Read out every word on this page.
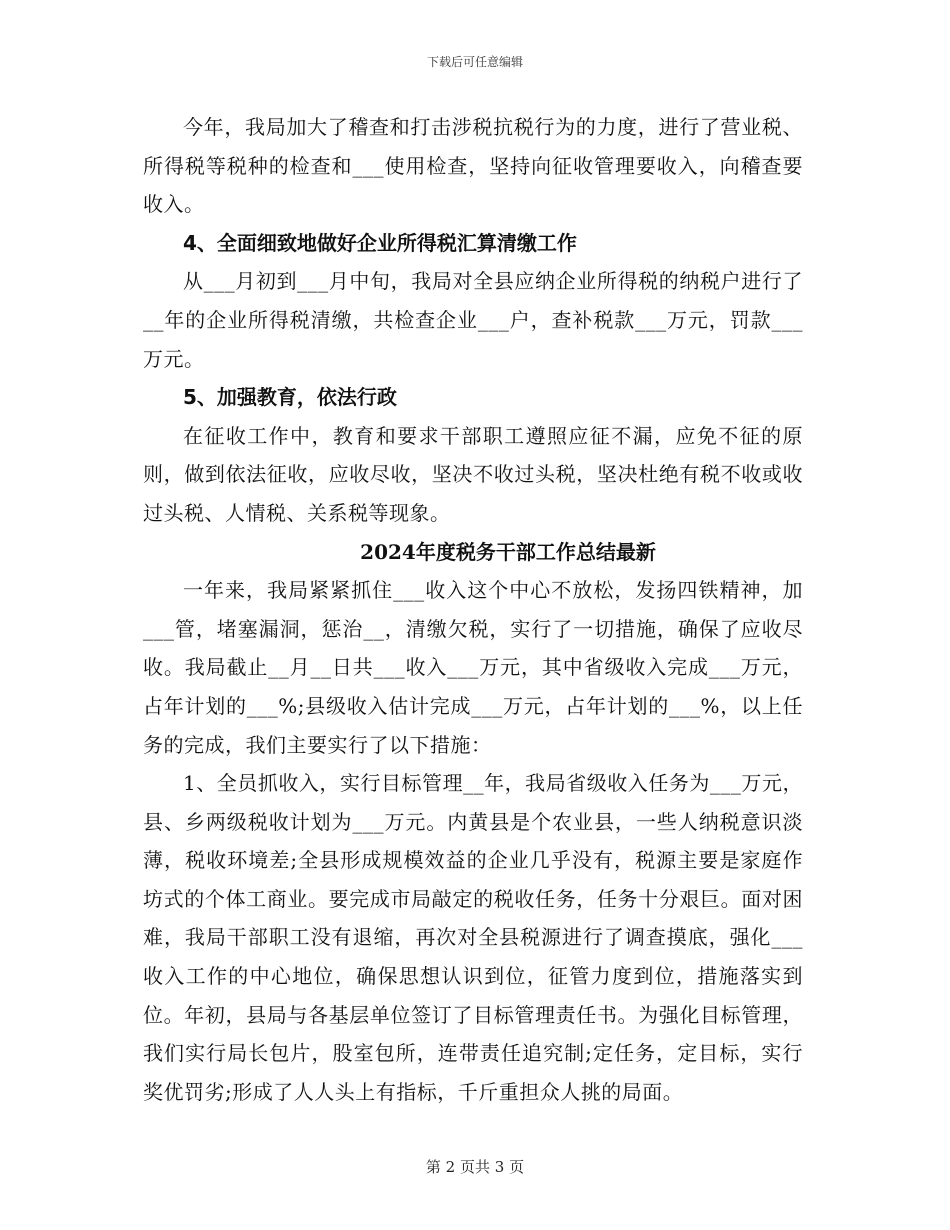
下载后可任意编辑

今年，我局加大了稽查和打击涉税抗税行为的力度，进行了营业税、所得税等税种的检查和___使用检查，坚持向征收管理要收入，向稽查要收入。

4、全面细致地做好企业所得税汇算清缴工作

从___月初到___月中旬，我局对全县应纳企业所得税的纳税户进行了__年的企业所得税清缴，共检查企业___户，查补税款___万元，罚款___万元。

5、加强教育，依法行政

在征收工作中，教育和要求干部职工遵照应征不漏，应免不征的原则，做到依法征收，应收尽收，坚决不收过头税，坚决杜绝有税不收或收过头税、人情税、关系税等现象。

2024年度税务干部工作总结最新

一年来，我局紧紧抓住___收入这个中心不放松，发扬四铁精神，加___管，堵塞漏洞，惩治__，清缴欠税，实行了一切措施，确保了应收尽收。我局截止__月__日共___收入___万元，其中省级收入完成___万元，占年计划的___%;县级收入估计完成___万元，占年计划的___%，以上任务的完成，我们主要实行了以下措施：

1、全员抓收入，实行目标管理__年，我局省级收入任务为___万元，县、乡两级税收计划为___万元。内黄县是个农业县，一些人纳税意识淡薄，税收环境差;全县形成规模效益的企业几乎没有，税源主要是家庭作坊式的个体工商业。要完成市局敲定的税收任务，任务十分艰巨。面对困难，我局干部职工没有退缩，再次对全县税源进行了调查摸底，强化___收入工作的中心地位，确保思想认识到位，征管力度到位，措施落实到位。年初，县局与各基层单位签订了目标管理责任书。为强化目标管理，我们实行局长包片，股室包所，连带责任追究制;定任务，定目标，实行奖优罚劣;形成了人人头上有指标，千斤重担众人挑的局面。

第 2 页共 3 页
